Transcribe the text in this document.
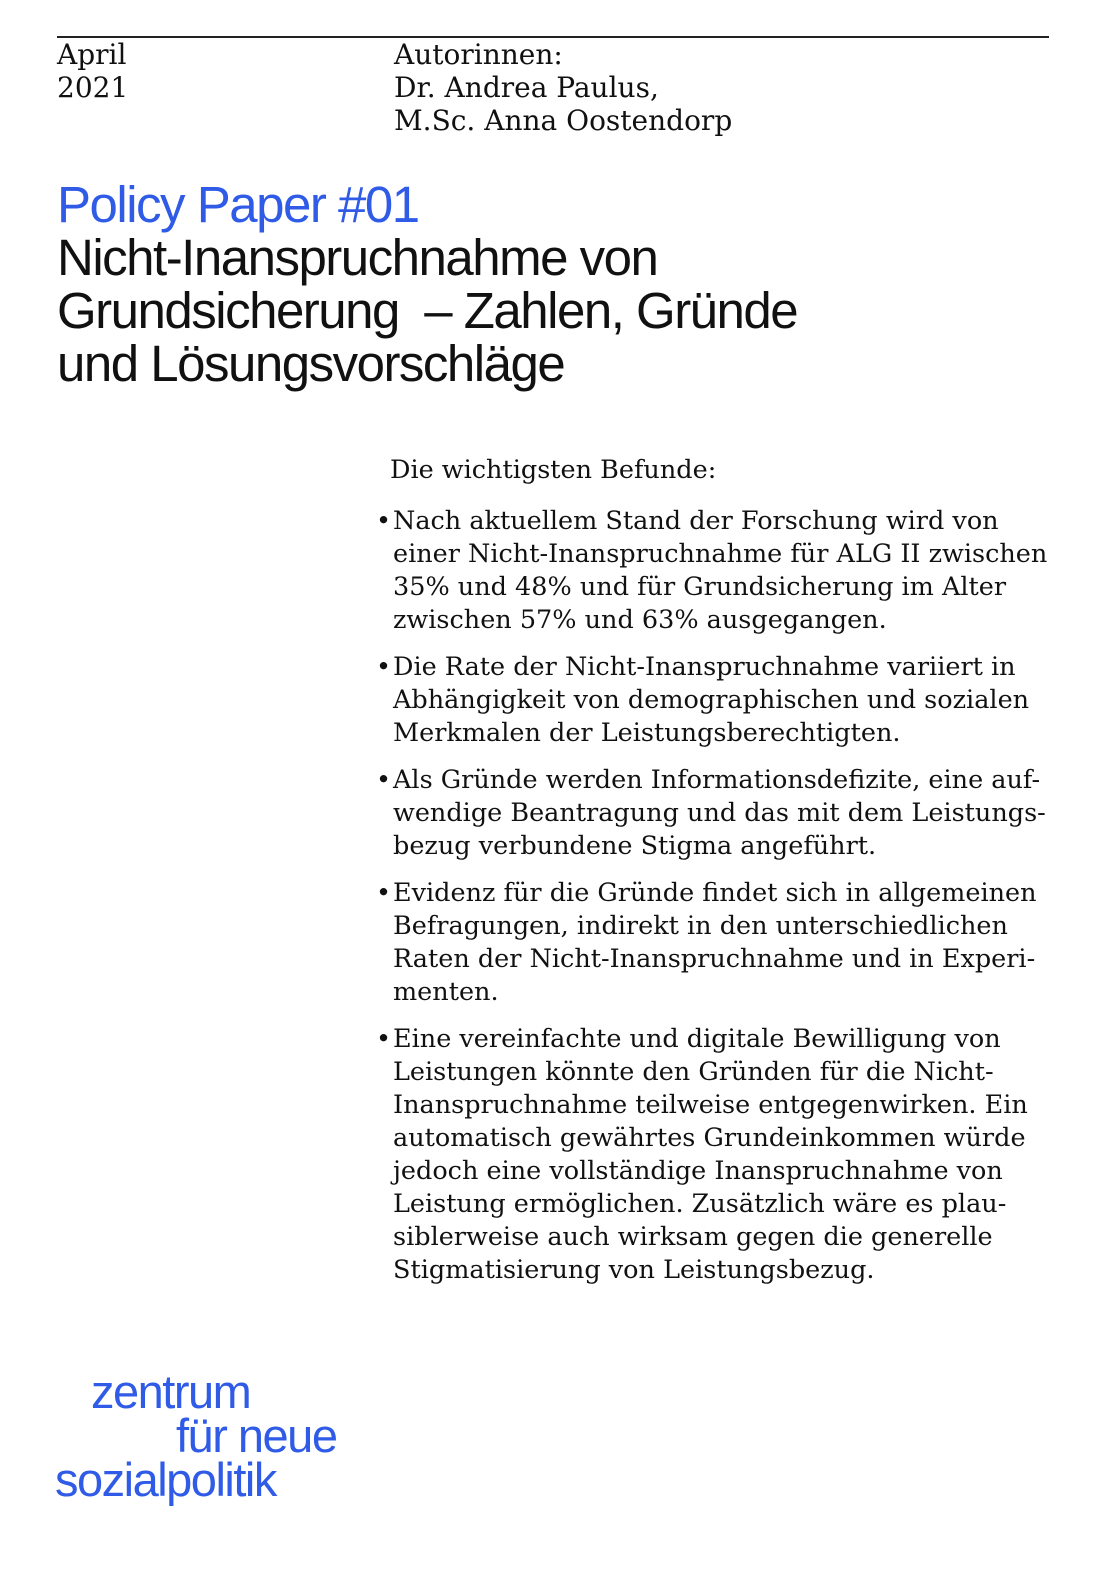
April
2021
Autorinnen:
Dr. Andrea Paulus,
M.Sc. Anna Oostendorp
Policy Paper #01
Nicht-Inanspruchnahme von
Grundsicherung  – Zahlen, Gründe
und Lösungsvorschläge
Die wichtigsten Befunde:
• Nach aktuellem Stand der Forschung wird von
einer Nicht-Inanspruchnahme für ALG II zwischen
35% und 48% und für Grundsicherung im Alter
zwischen 57% und 63% ausgegangen.
• Die Rate der Nicht-Inanspruchnahme variiert in
Abhängigkeit von demographischen und sozialen
Merkmalen der Leistungsberechtigten.
• Als Gründe werden Informationsdefizite, eine auf-
wendige Beantragung und das mit dem Leistungs-
bezug verbundene Stigma angeführt.
• Evidenz für die Gründe findet sich in allgemeinen
Befragungen, indirekt in den unterschiedlichen
Raten der Nicht-Inanspruchnahme und in Experi-
menten.
• Eine vereinfachte und digitale Bewilligung von
Leistungen könnte den Gründen für die Nicht-
Inanspruchnahme teilweise entgegenwirken. Ein
automatisch gewährtes Grundeinkommen würde
jedoch eine vollständige Inanspruchnahme von
Leistung ermöglichen. Zusätzlich wäre es plau-
siblerweise auch wirksam gegen die generelle
Stigmatisierung von Leistungsbezug.
zentrum
für neue
sozialpolitik
